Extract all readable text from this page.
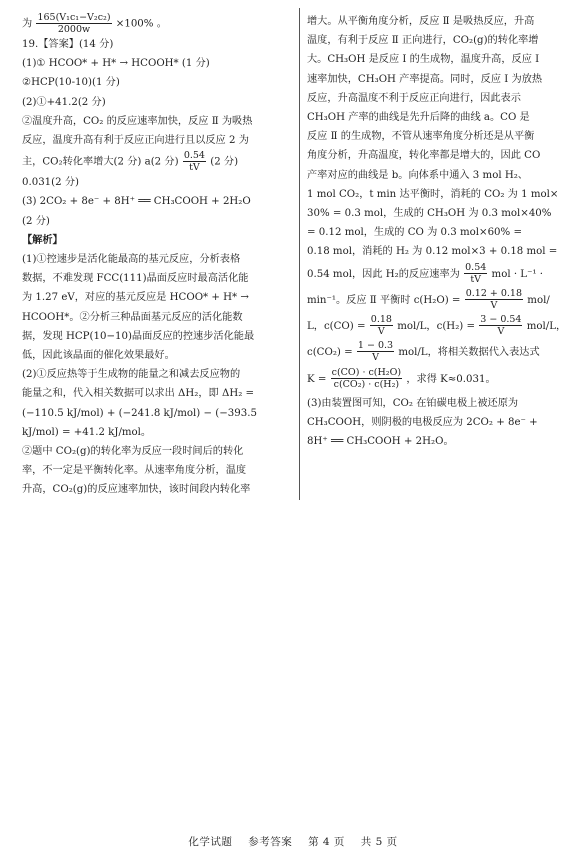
为 $\frac{\text{165(V₁c₁−V₂c₂)}}{2000w} \times 100\%$ 。
19.【答案】(14 分)
(1)① HCOO* + H* → HCOOH* (1 分)
②HCP(10-10)(1 分)
(2)①+41.2(2 分)
②温度升高，CO₂ 的反应速率加快，反应 Ⅱ 为吸热
反应，温度升高有利于反应正向进行且以反应 2 为
主，CO₂转化率增大(2 分) a(2 分) $\frac{0.54}{tV} (2$ 分)
0.031(2 分)
(3) 2CO₂ + 8e⁻ + 8H⁺ ══ CH₃COOH + 2H₂O
(2 分)
【解析】
(1)①控速步是活化能最高的基元反应，分析表格
数据，不难发现 FCC(111)晶面反应时最高活化能
为 1.27 eV，对应的基元反应是 HCOO* + H* →
HCOOH*。②分析三种晶面基元反应的活化能数
据，发现 HCP(10−10)晶面反应的控速步活化能最
低，因此该晶面的催化效果最好。
(2)①反应热等于生成物的能量之和减去反应物的
能量之和，代入相关数据可以求出 ΔH₂，即 ΔH₂ =
(−110.5 kJ/mol) + (−241.8 kJ/mol) − (−393.5
kJ/mol) = +41.2 kJ/mol。
②题中 CO₂(g)的转化率为反应一段时间后的转化
率，不一定是平衡转化率。从速率角度分析，温度
升高，CO₂(g)的反应速率加快，该时间段内转化率
增大。从平衡角度分析，反应 Ⅱ 是吸热反应，升高
温度，有利于反应 Ⅱ 正向进行，CO₂(g)的转化率增
大。CH₃OH 是反应 Ⅰ 的生成物，温度升高，反应 Ⅰ
速率加快，CH₃OH 产率提高。同时，反应 Ⅰ 为放热
反应，升高温度不利于反应正向进行，因此表示
CH₃OH 产率的曲线是先升后降的曲线 a。CO 是
反应 Ⅱ 的生成物，不管从速率角度分析还是从平衡
角度分析，升高温度，转化率都是增大的，因此 CO
产率对应的曲线是 b。向体系中通入 3 mol H₂、
1 mol CO₂，t min 达平衡时，消耗的 CO₂ 为 1 mol×
30% = 0.3 mol，生成的 CH₃OH 为 0.3 mol×40%
= 0.12 mol，生成的 CO 为 0.3 mol×60% =
0.18 mol，消耗的 H₂ 为 0.12 mol×3 + 0.18 mol =
0.54 mol，因此 H₂的反应速率为 $\frac{0.54}{tV}$ mol · L⁻¹ ·
min⁻¹。反应 Ⅱ 平衡时 $c(H_2O) = \frac{0.12 + 0.18}{V} mol/$
L，$c(CO) = \frac{0.18}{V} mol/L$，$c(H_2) = \frac{3 - 0.54}{V} mol/L$，
$c(CO_2) = \frac{1 - 0.3}{V} mol/L$，将相关数据代入表达式
$K = \frac{\text{c(CO) · c(H₂O)}}{\text{c(CO₂) · c(H₂)}}$ ，求得 K≈0.031。
(3)由装置图可知，CO₂ 在铂碳电极上被还原为
CH₃COOH，则阴极的电极反应为 2CO₂ + 8e⁻ +
8H⁺ ══ CH₃COOH + 2H₂O。
化学试题 参考答案 第 4 页 共 5 页
